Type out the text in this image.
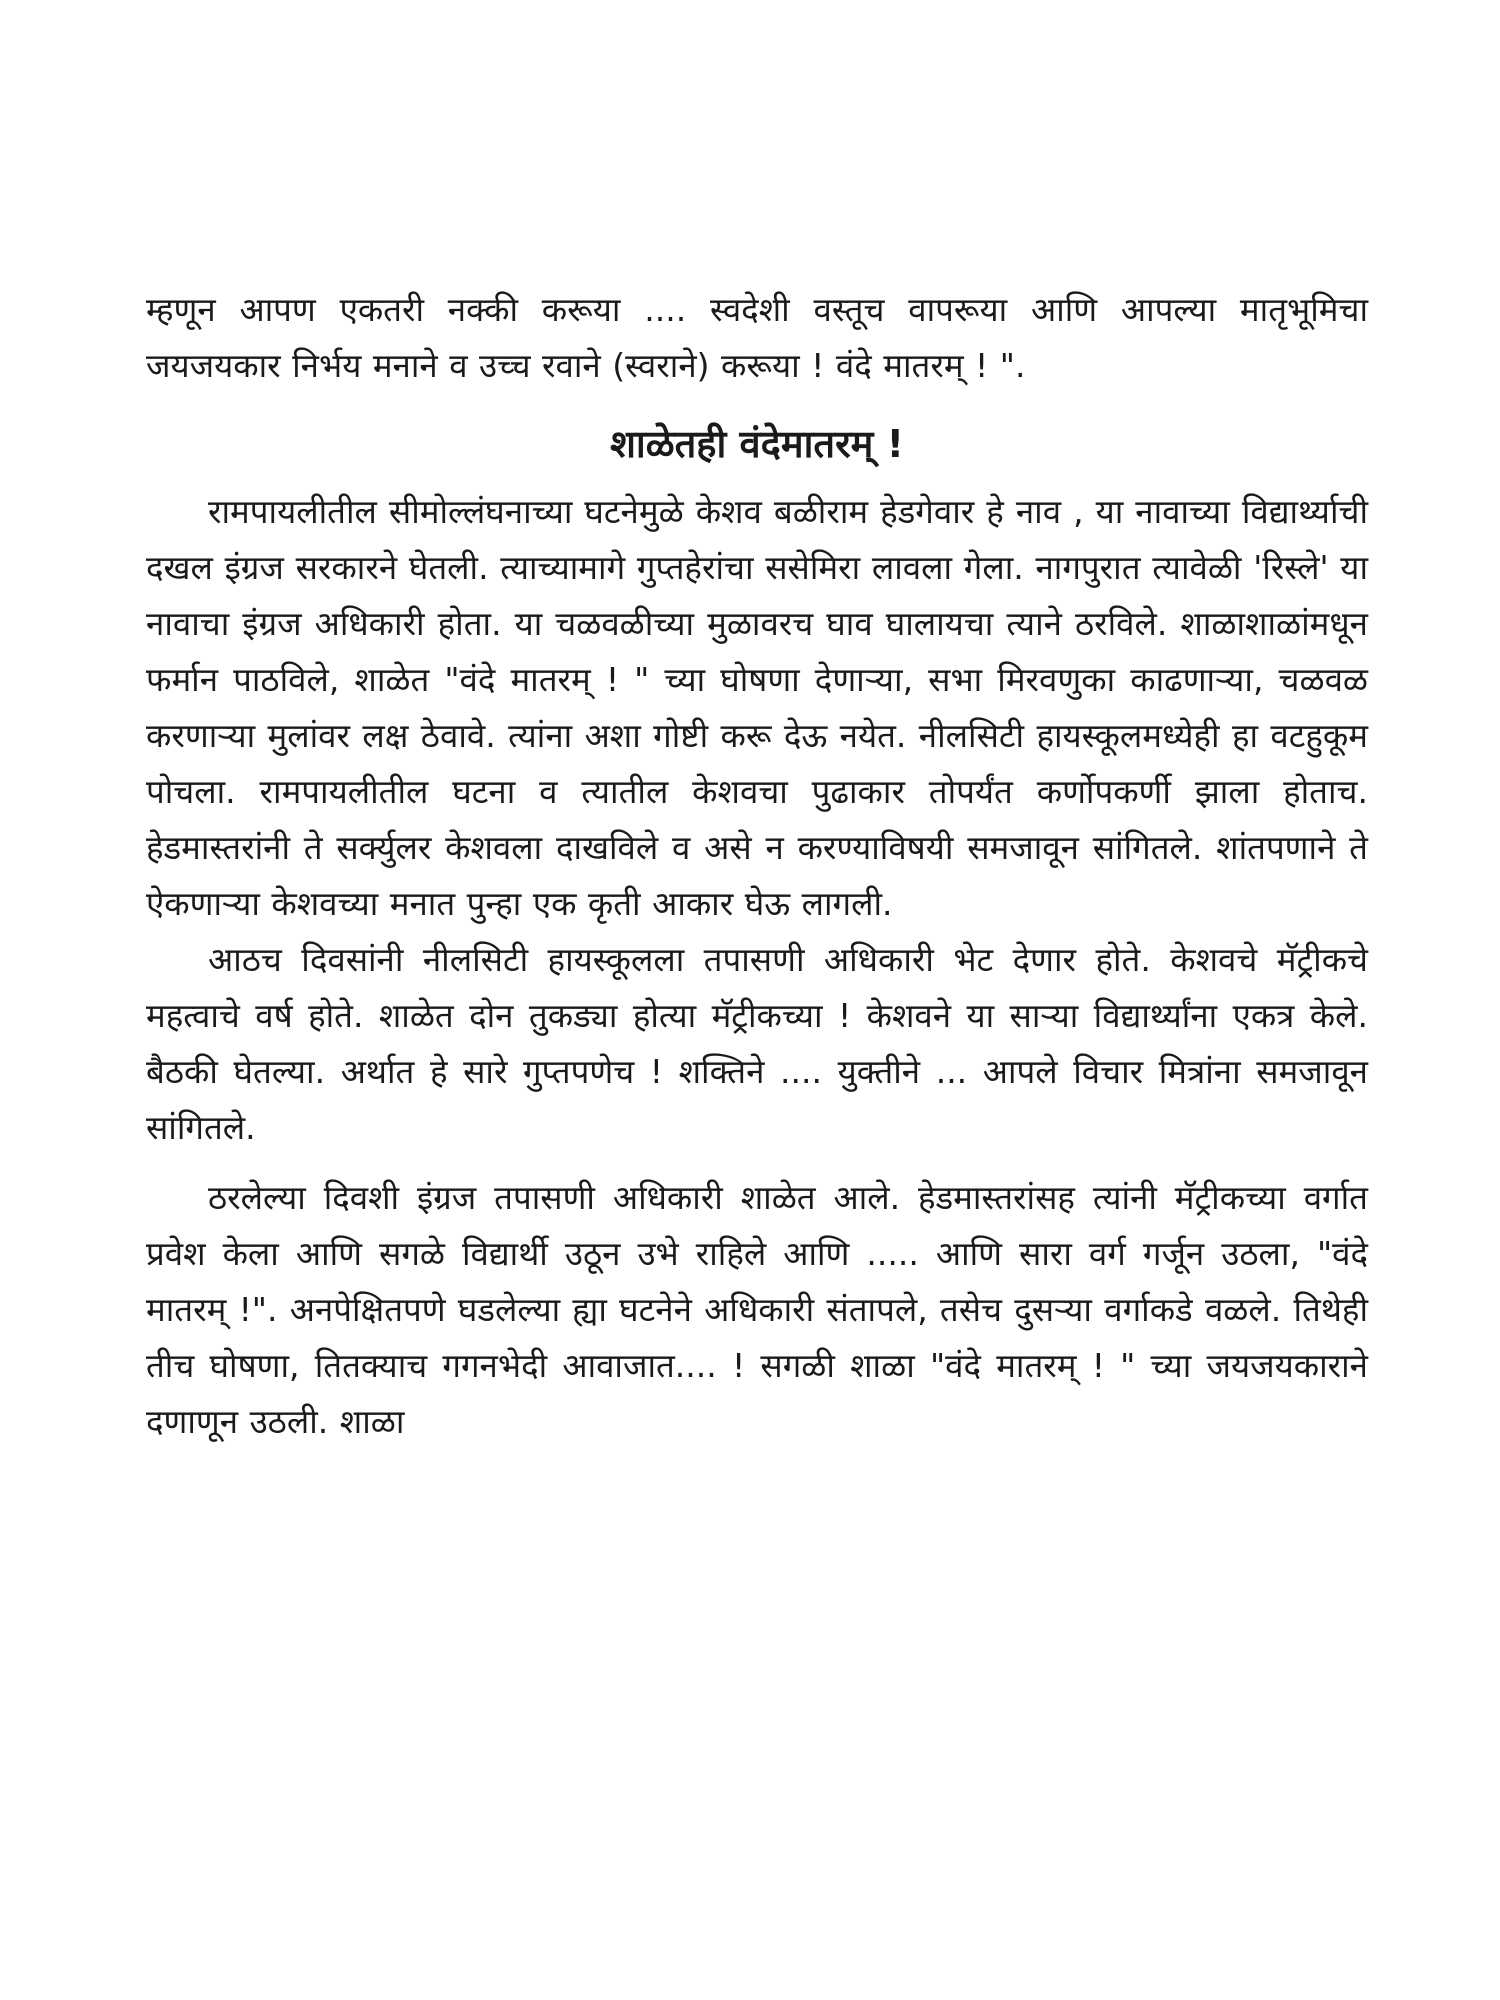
म्हणून आपण एकतरी नक्की करूया .... स्वदेशी वस्तूच वापरूया आणि आपल्या मातृभूमिचा जयजयकार निर्भय मनाने व उच्च रवाने (स्वराने) करूया ! वंदे मातरम् ! ".

शाळेतही वंदेमातरम् !

रामपायलीतील सीमोल्लंघनाच्या घटनेमुळे केशव बळीराम हेडगेवार हे नाव , या नावाच्या विद्यार्थ्याची दखल इंग्रज सरकारने घेतली. त्याच्यामागे गुप्तहेरांचा ससेमिरा लावला गेला. नागपुरात त्यावेळी 'रिस्ले' या नावाचा इंग्रज अधिकारी होता. या चळवळीच्या मुळावरच घाव घालायचा त्याने ठरविले. शाळाशाळांमधून फर्मान पाठविले, शाळेत "वंदे मातरम् ! " च्या घोषणा देणाऱ्या, सभा मिरवणुका काढणाऱ्या, चळवळ करणाऱ्या मुलांवर लक्ष ठेवावे. त्यांना अशा गोष्टी करू देऊ नयेत. नीलसिटी हायस्कूलमध्येही हा वटहुकूम पोचला. रामपायलीतील घटना व त्यातील केशवचा पुढाकार तोपर्यंत कर्णोपकर्णी झाला होताच. हेडमास्तरांनी ते सर्क्युलर केशवला दाखविले व असे न करण्याविषयी समजावून सांगितले. शांतपणाने ते ऐकणाऱ्या केशवच्या मनात पुन्हा एक कृती आकार घेऊ लागली.

आठच दिवसांनी नीलसिटी हायस्कूलला तपासणी अधिकारी भेट देणार होते. केशवचे मॅट्रीकचे महत्वाचे वर्ष होते. शाळेत दोन तुकड्या होत्या मॅट्रीकच्या ! केशवने या साऱ्या विद्यार्थ्यांना एकत्र केले. बैठकी घेतल्या. अर्थात हे सारे गुप्तपणेच ! शक्तिने .... युक्तीने ... आपले विचार मित्रांना समजावून सांगितले.

ठरलेल्या दिवशी इंग्रज तपासणी अधिकारी शाळेत आले. हेडमास्तरांसह त्यांनी मॅट्रीकच्या वर्गात प्रवेश केला आणि सगळे विद्यार्थी उठून उभे राहिले आणि ..... आणि सारा वर्ग गर्जून उठला, "वंदे मातरम् !". अनपेक्षितपणे घडलेल्या ह्या घटनेने अधिकारी संतापले, तसेच दुसऱ्या वर्गाकडे वळले. तिथेही तीच घोषणा, तितक्याच गगनभेदी आवाजात.... ! सगळी शाळा "वंदे मातरम् ! " च्या जयजयकाराने दणाणून उठली. शाळा
